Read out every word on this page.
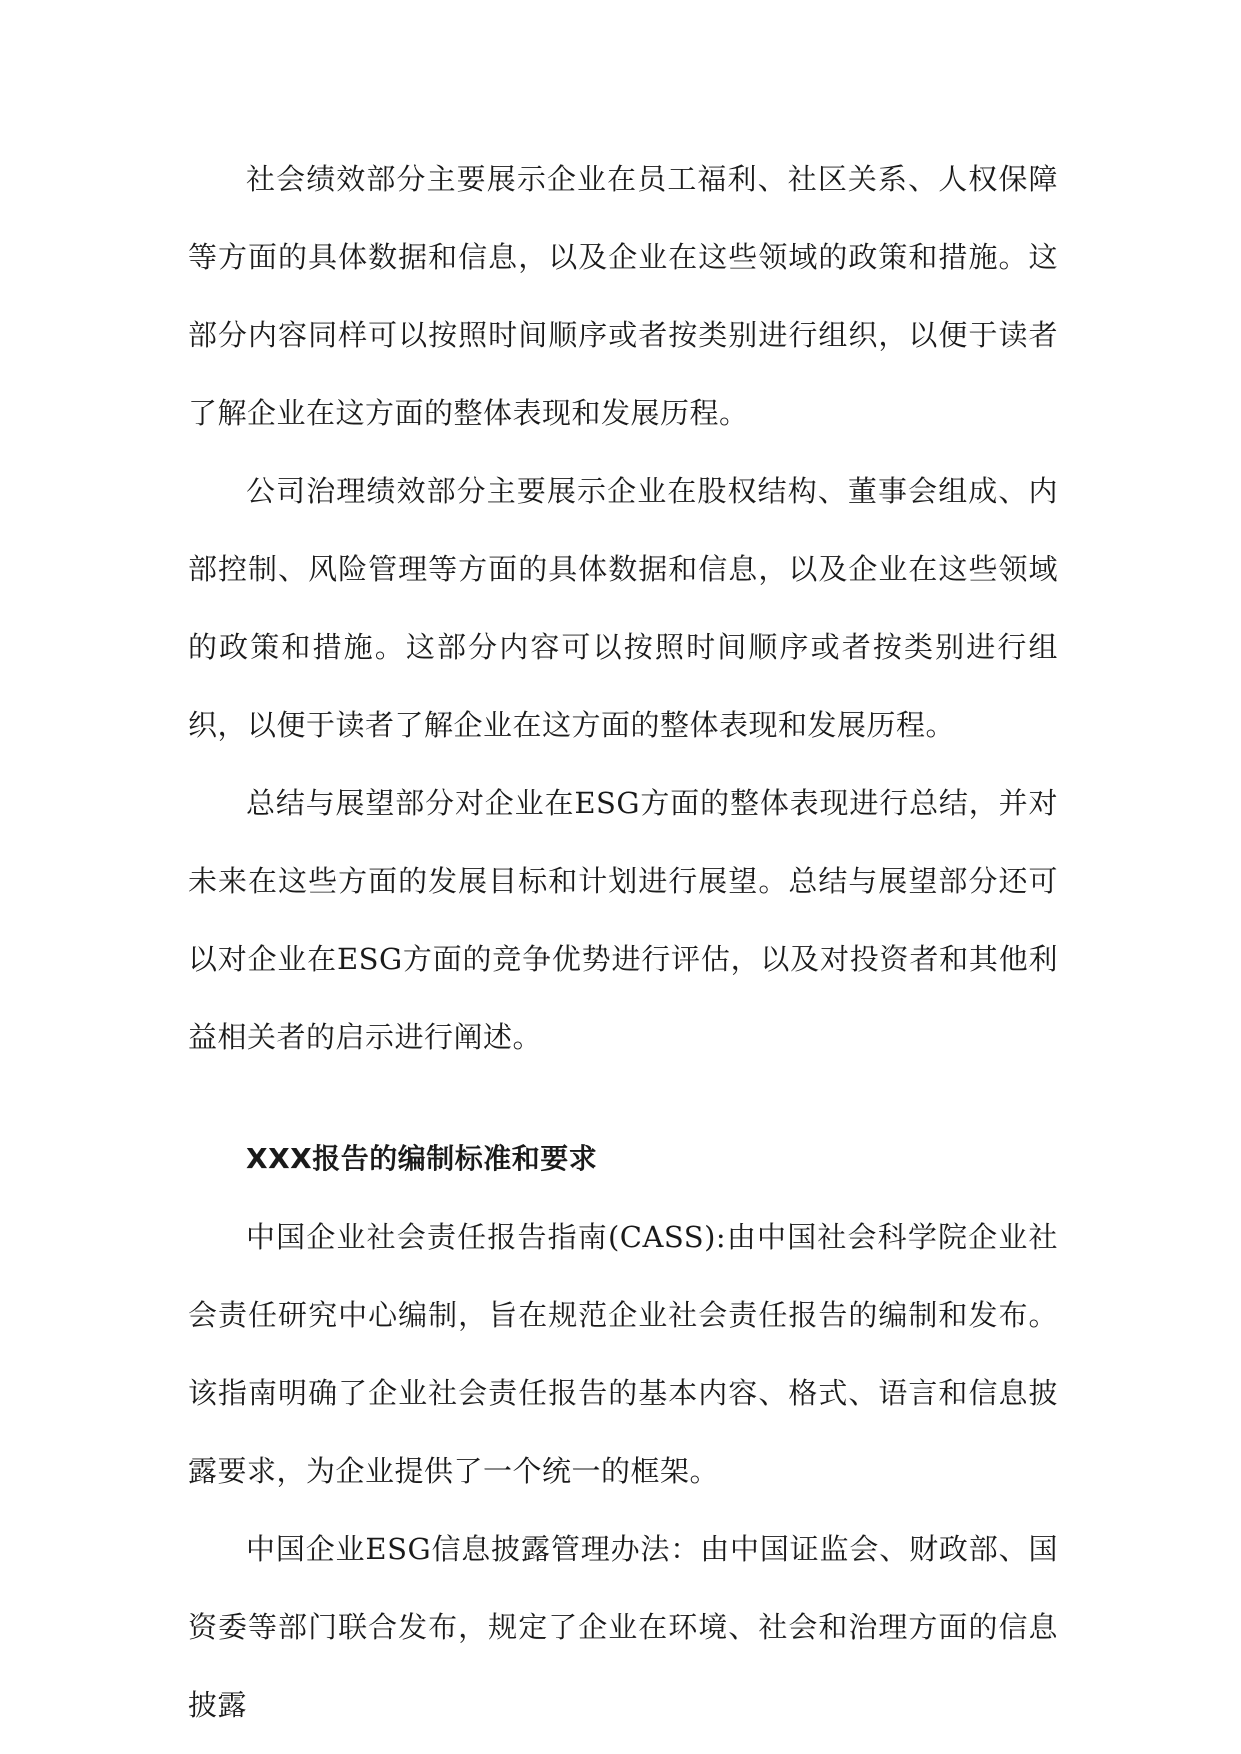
社会绩效部分主要展示企业在员工福利、社区关系、人权保障等方面的具体数据和信息，以及企业在这些领域的政策和措施。这部分内容同样可以按照时间顺序或者按类别进行组织，以便于读者了解企业在这方面的整体表现和发展历程。

公司治理绩效部分主要展示企业在股权结构、董事会组成、内部控制、风险管理等方面的具体数据和信息，以及企业在这些领域的政策和措施。这部分内容可以按照时间顺序或者按类别进行组织，以便于读者了解企业在这方面的整体表现和发展历程。

总结与展望部分对企业在ESG方面的整体表现进行总结，并对未来在这些方面的发展目标和计划进行展望。总结与展望部分还可以对企业在ESG方面的竞争优势进行评估，以及对投资者和其他利益相关者的启示进行阐述。

XXX报告的编制标准和要求

中国企业社会责任报告指南(CASS):由中国社会科学院企业社会责任研究中心编制，旨在规范企业社会责任报告的编制和发布。该指南明确了企业社会责任报告的基本内容、格式、语言和信息披露要求，为企业提供了一个统一的框架。

中国企业ESG信息披露管理办法：由中国证监会、财政部、国资委等部门联合发布，规定了企业在环境、社会和治理方面的信息披露
